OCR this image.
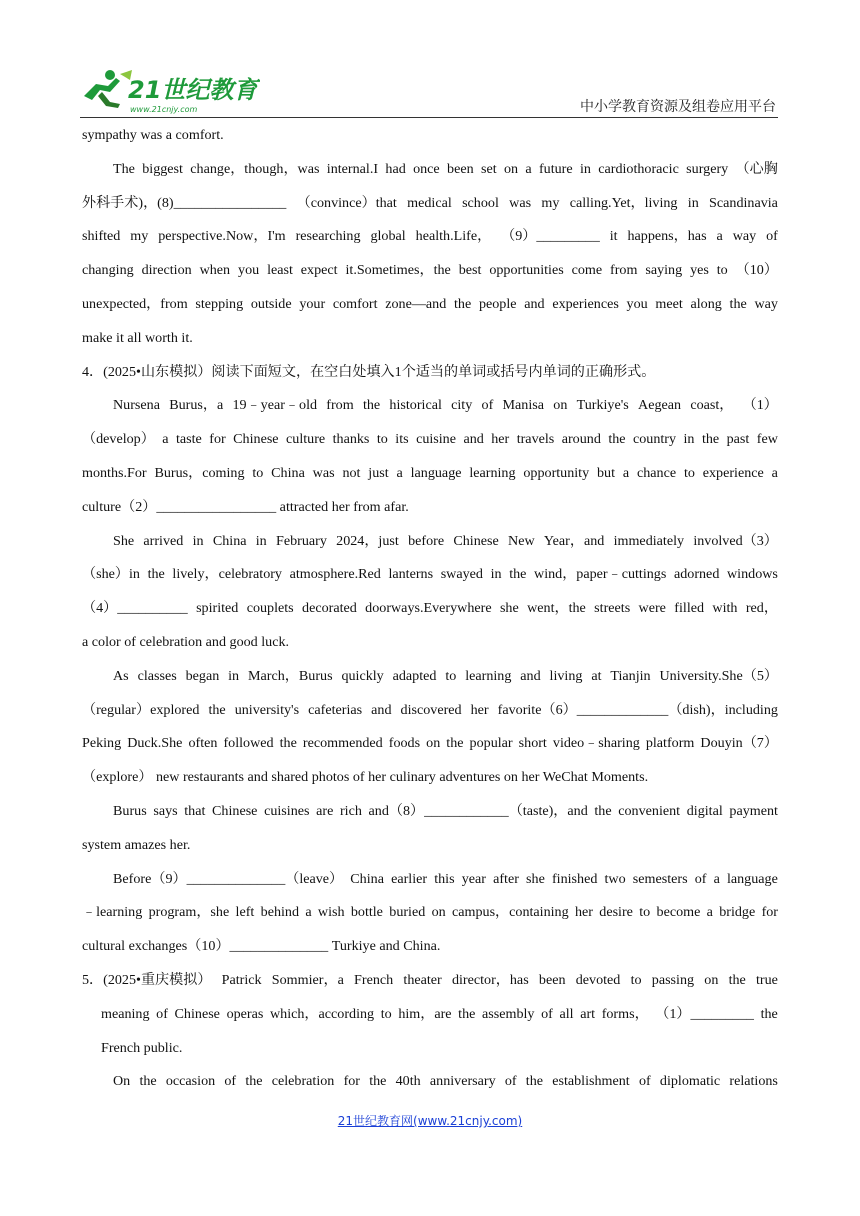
21世纪教育
www.21cnjy.com	中小学教育资源及组卷应用平台
sympathy was a comfort.
The biggest change，though，was internal.I had once been set on a future in cardiothoracic surgery （心胸
外科手术)，(8)________________ （convince）that medical school was my calling.Yet，living in Scandinavia
shifted my perspective.Now，I'm researching global health.Life， （9）_________ it happens，has a way of
changing direction when you least expect it.Sometimes，the best opportunities come from saying yes to （10）
unexpected，from stepping outside your comfort zone—and the people and experiences you meet along the way
make it all worth it.
4．(2025•山东模拟）阅读下面短文，在空白处填入1个适当的单词或括号内单词的正确形式。
Nursena Burus，a 19﹣year﹣old from the historical city of Manisa on Turkiye's Aegean coast， （1）
（develop） a taste for Chinese culture thanks to its cuisine and her travels around the country in the past few
months.For Burus，coming to China was not just a language learning opportunity but a chance to experience a
culture（2）_________________ attracted her from afar.
She arrived in China in February 2024，just before Chinese New Year，and immediately involved（3）
（she）in the lively，celebratory atmosphere.Red lanterns swayed in the wind，paper﹣cuttings adorned windows
（4）__________ spirited couplets decorated doorways.Everywhere she went，the streets were filled with red，
a color of celebration and good luck.
As classes began in March，Burus quickly adapted to learning and living at Tianjin University.She（5）
（regular）explored the university's cafeterias and discovered her favorite（6）_____________（dish)，including
Peking Duck.She often followed the recommended foods on the popular short video﹣sharing platform Douyin（7）
（explore） new restaurants and shared photos of her culinary adventures on her WeChat Moments.
Burus says that Chinese cuisines are rich and（8）____________（taste)，and the convenient digital payment
system amazes her.
Before（9）______________（leave） China earlier this year after she finished two semesters of a language
﹣learning program，she left behind a wish bottle buried on campus，containing her desire to become a bridge for
cultural exchanges（10）______________ Turkiye and China.
5．(2025•重庆模拟） Patrick Sommier，a French theater director，has been devoted to passing on the true
meaning of Chinese operas which，according to him，are the assembly of all art forms， （1）_________ the
French public.
On the occasion of the celebration for the 40th anniversary of the establishment of diplomatic relations
21世纪教育网(www.21cnjy.com)
